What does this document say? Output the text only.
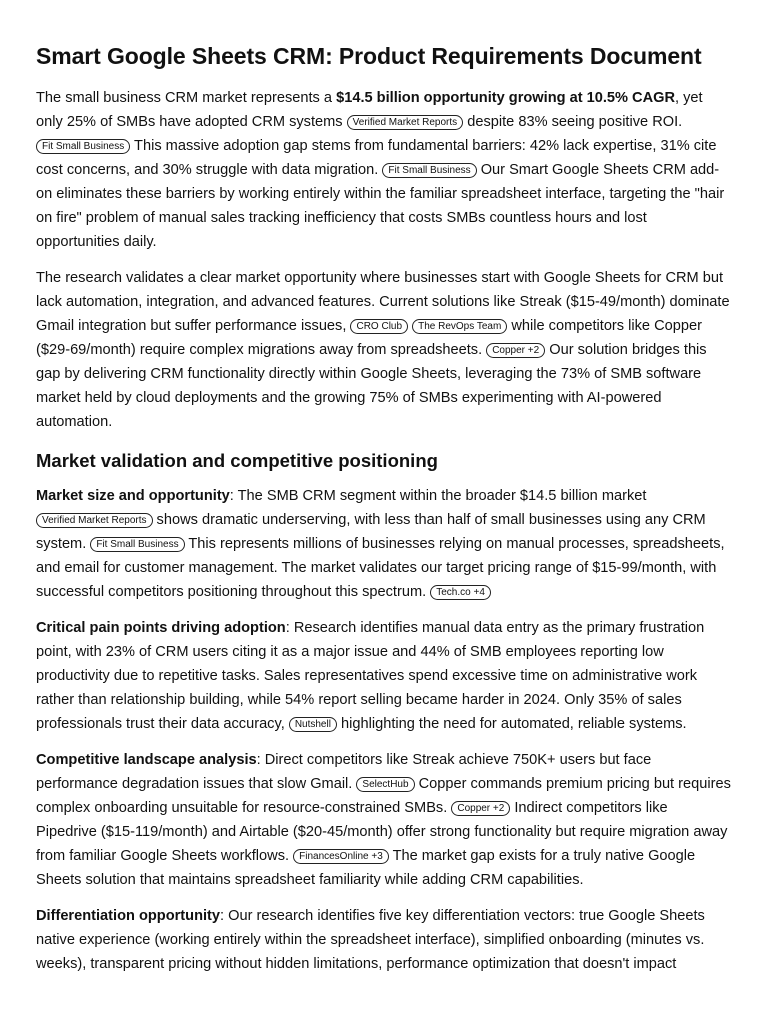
Smart Google Sheets CRM: Product Requirements Document

The small business CRM market represents a $14.5 billion opportunity growing at 10.5% CAGR, yet only 25% of SMBs have adopted CRM systems Verified Market Reports despite 83% seeing positive ROI. Fit Small Business This massive adoption gap stems from fundamental barriers: 42% lack expertise, 31% cite cost concerns, and 30% struggle with data migration. Fit Small Business Our Smart Google Sheets CRM add-on eliminates these barriers by working entirely within the familiar spreadsheet interface, targeting the "hair on fire" problem of manual sales tracking inefficiency that costs SMBs countless hours and lost opportunities daily.

The research validates a clear market opportunity where businesses start with Google Sheets for CRM but lack automation, integration, and advanced features. Current solutions like Streak ($15-49/month) dominate Gmail integration but suffer performance issues, CRO Club The RevOps Team while competitors like Copper ($29-69/month) require complex migrations away from spreadsheets. Copper +2 Our solution bridges this gap by delivering CRM functionality directly within Google Sheets, leveraging the 73% of SMB software market held by cloud deployments and the growing 75% of SMBs experimenting with AI-powered automation.

Market validation and competitive positioning

Market size and opportunity: The SMB CRM segment within the broader $14.5 billion market Verified Market Reports shows dramatic underserving, with less than half of small businesses using any CRM system. Fit Small Business This represents millions of businesses relying on manual processes, spreadsheets, and email for customer management. The market validates our target pricing range of $15-99/month, with successful competitors positioning throughout this spectrum. Tech.co +4

Critical pain points driving adoption: Research identifies manual data entry as the primary frustration point, with 23% of CRM users citing it as a major issue and 44% of SMB employees reporting low productivity due to repetitive tasks. Sales representatives spend excessive time on administrative work rather than relationship building, while 54% report selling became harder in 2024. Only 35% of sales professionals trust their data accuracy, Nutshell highlighting the need for automated, reliable systems.

Competitive landscape analysis: Direct competitors like Streak achieve 750K+ users but face performance degradation issues that slow Gmail. SelectHub Copper commands premium pricing but requires complex onboarding unsuitable for resource-constrained SMBs. Copper +2 Indirect competitors like Pipedrive ($15-119/month) and Airtable ($20-45/month) offer strong functionality but require migration away from familiar Google Sheets workflows. FinancesOnline +3 The market gap exists for a truly native Google Sheets solution that maintains spreadsheet familiarity while adding CRM capabilities.

Differentiation opportunity: Our research identifies five key differentiation vectors: true Google Sheets native experience (working entirely within the spreadsheet interface), simplified onboarding (minutes vs. weeks), transparent pricing without hidden limitations, performance optimization that doesn't impact
